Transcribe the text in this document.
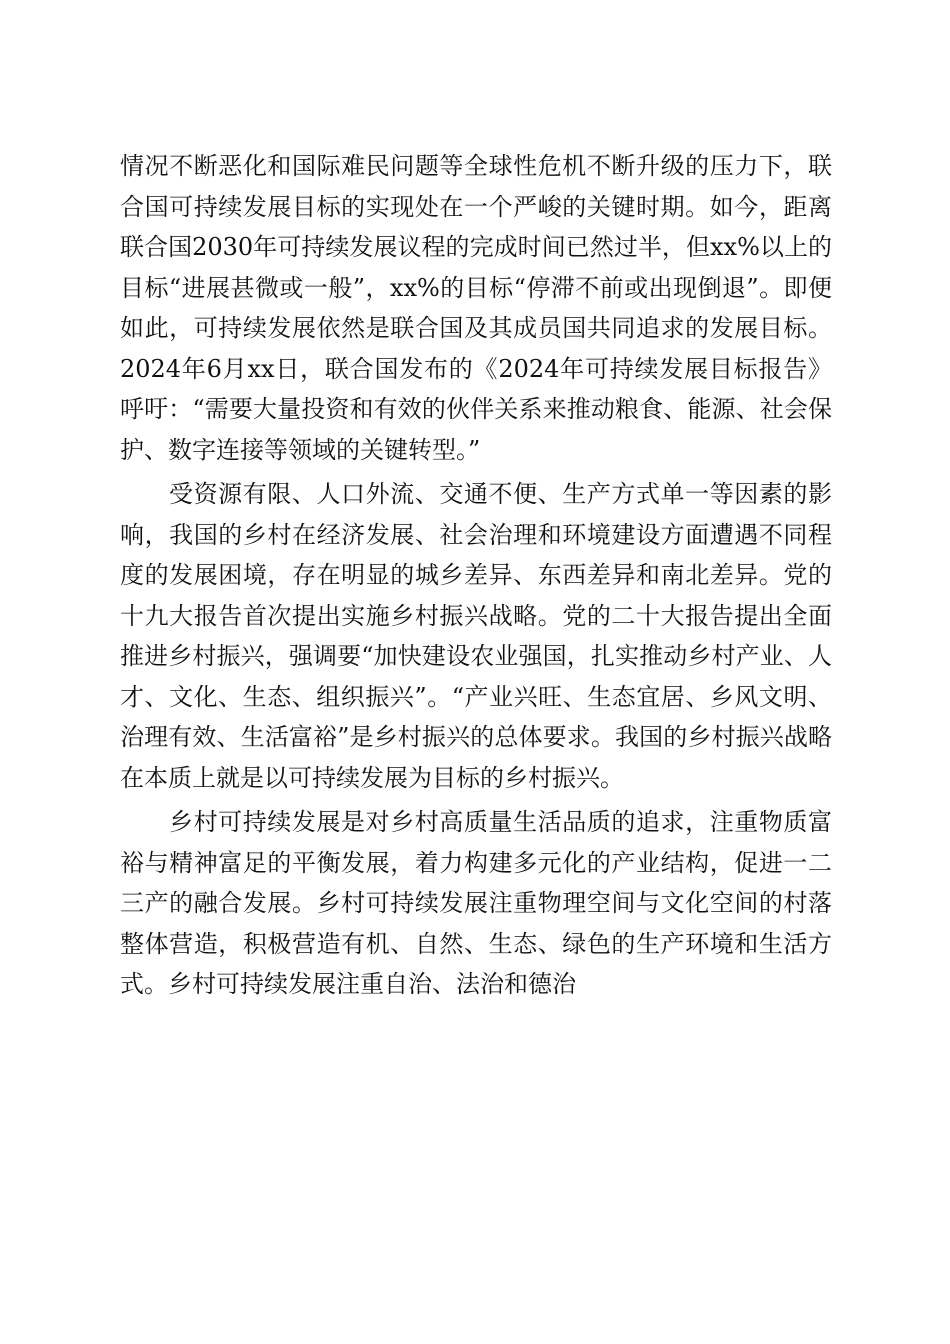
情况不断恶化和国际难民问题等全球性危机不断升级的压力下，联合国可持续发展目标的实现处在一个严峻的关键时期。如今，距离联合国2030年可持续发展议程的完成时间已然过半，但xx%以上的目标“进展甚微或一般”，xx%的目标“停滞不前或出现倒退”。即便如此，可持续发展依然是联合国及其成员国共同追求的发展目标。2024年6月xx日，联合国发布的《2024年可持续发展目标报告》呼吁：“需要大量投资和有效的伙伴关系来推动粮食、能源、社会保护、数字连接等领域的关键转型。”

受资源有限、人口外流、交通不便、生产方式单一等因素的影响，我国的乡村在经济发展、社会治理和环境建设方面遭遇不同程度的发展困境，存在明显的城乡差异、东西差异和南北差异。党的十九大报告首次提出实施乡村振兴战略。党的二十大报告提出全面推进乡村振兴，强调要“加快建设农业强国，扎实推动乡村产业、人才、文化、生态、组织振兴”。“产业兴旺、生态宜居、乡风文明、治理有效、生活富裕”是乡村振兴的总体要求。我国的乡村振兴战略在本质上就是以可持续发展为目标的乡村振兴。

乡村可持续发展是对乡村高质量生活品质的追求，注重物质富裕与精神富足的平衡发展，着力构建多元化的产业结构，促进一二三产的融合发展。乡村可持续发展注重物理空间与文化空间的村落整体营造，积极营造有机、自然、生态、绿色的生产环境和生活方式。乡村可持续发展注重自治、法治和德治
